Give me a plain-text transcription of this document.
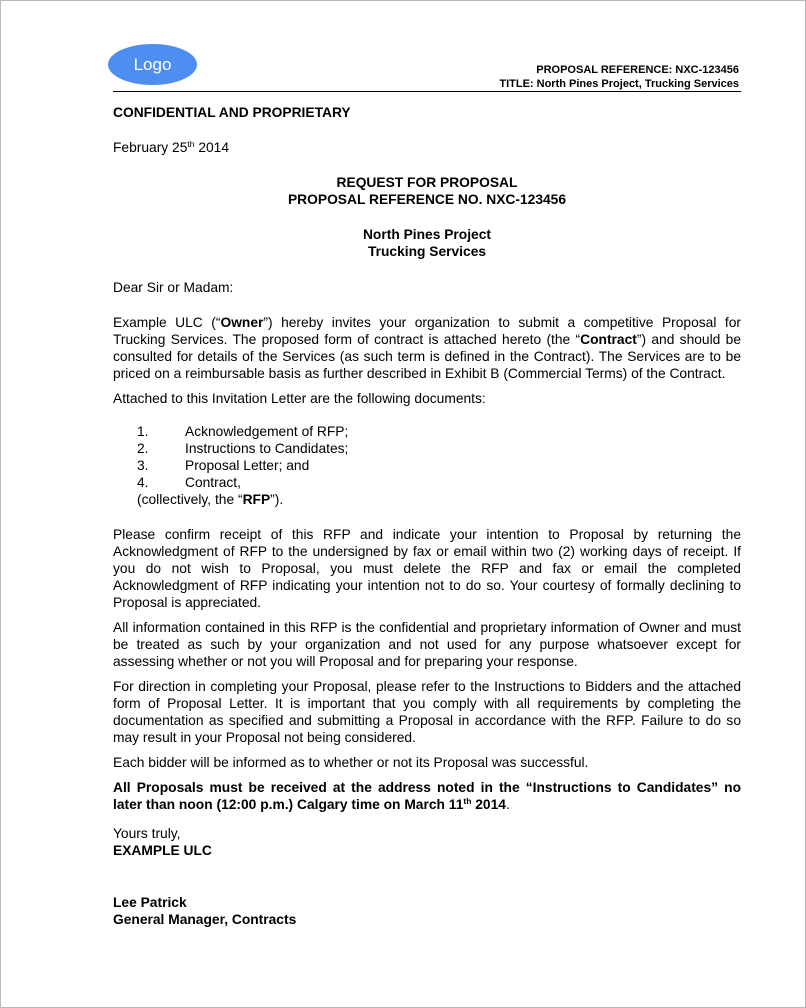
Logo	PROPOSAL REFERENCE: NXC-123456
TITLE: North Pines Project, Trucking Services

CONFIDENTIAL AND PROPRIETARY

February 25th 2014

REQUEST FOR PROPOSAL

PROPOSAL REFERENCE NO. NXC-123456

North Pines Project

Trucking Services

Dear Sir or Madam:

Example ULC (“Owner”) hereby invites your organization to submit a competitive Proposal for Trucking Services. The proposed form of contract is attached hereto (the “Contract”) and should be consulted for details of the Services (as such term is defined in the Contract). The Services are to be priced on a reimbursable basis as further described in Exhibit B (Commercial Terms) of the Contract.

Attached to this Invitation Letter are the following documents:

1.	Acknowledgement of RFP;
2.	Instructions to Candidates;
3.	Proposal Letter; and
4.	Contract,
(collectively, the “RFP”).

Please confirm receipt of this RFP and indicate your intention to Proposal by returning the Acknowledgment of RFP to the undersigned by fax or email within two (2) working days of receipt. If you do not wish to Proposal, you must delete the RFP and fax or email the completed Acknowledgment of RFP indicating your intention not to do so. Your courtesy of formally declining to Proposal is appreciated.

All information contained in this RFP is the confidential and proprietary information of Owner and must be treated as such by your organization and not used for any purpose whatsoever except for assessing whether or not you will Proposal and for preparing your response.

For direction in completing your Proposal, please refer to the Instructions to Bidders and the attached form of Proposal Letter. It is important that you comply with all requirements by completing the documentation as specified and submitting a Proposal in accordance with the RFP. Failure to do so may result in your Proposal not being considered.

Each bidder will be informed as to whether or not its Proposal was successful.

All Proposals must be received at the address noted in the “Instructions to Candidates” no later than noon (12:00 p.m.) Calgary time on March 11th 2014.

Yours truly,

EXAMPLE ULC

Lee Patrick

General Manager, Contracts
